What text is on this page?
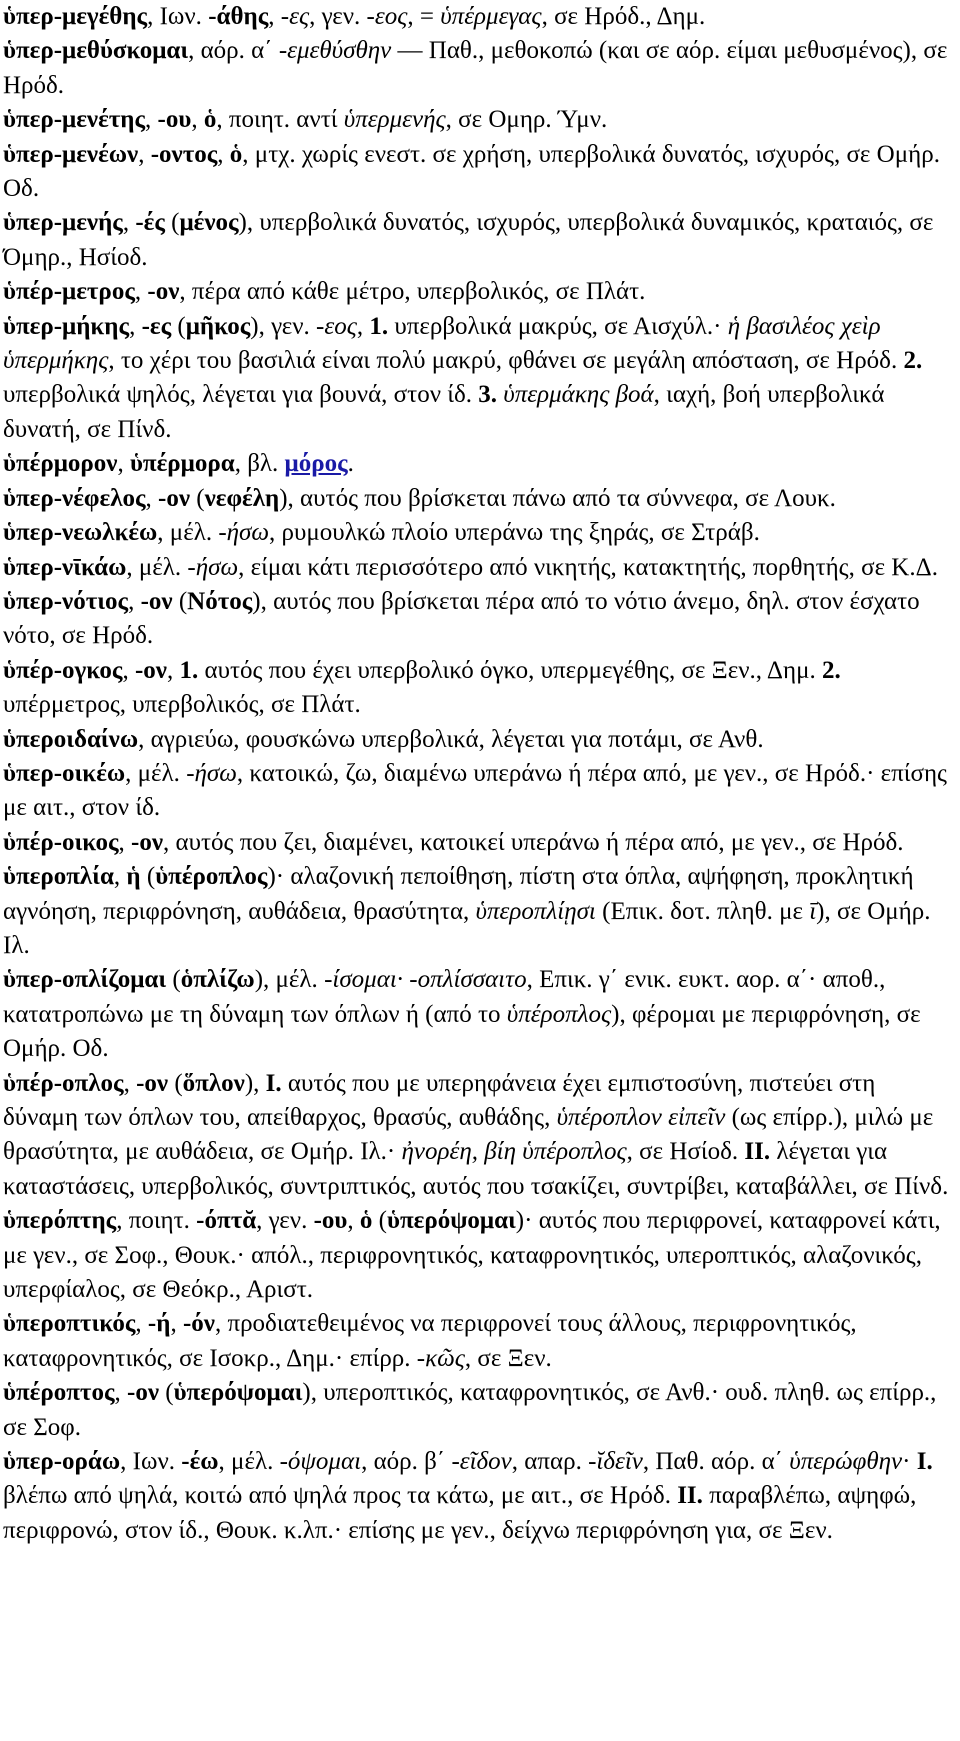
ὑπερ-μεγέθης, Ιων. -άθης, -ες, γεν. -εος, = ὑπέρμεγας, σε Ηρόδ., Δημ.
ὑπερ-μεθύσκομαι, αόρ. α΄ -εμεθύσθην — Παθ., μεθοκοπώ (και σε αόρ. είμαι μεθυσμένος), σε Ηρόδ.
ὑπερ-μενέτης, -ου, ὁ, ποιητ. αντί ὑπερμενής, σε Ομηρ. Ύμν.
ὑπερ-μενέων, -οντος, ὁ, μτχ. χωρίς ενεστ. σε χρήση, υπερβολικά δυνατός, ισχυρός, σε Ομήρ. Οδ.
ὑπερ-μενής, -ές (μένος), υπερβολικά δυνατός, ισχυρός, υπερβολικά δυναμικός, κραταιός, σε Όμηρ., Ησίοδ.
ὑπέρ-μετρος, -ον, πέρα από κάθε μέτρο, υπερβολικός, σε Πλάτ.
ὑπερ-μήκης, -ες (μῆκος), γεν. -εος, 1. υπερβολικά μακρύς, σε Αισχύλ.· ἡ βασιλέος χεὶρ ὑπερμήκης, το χέρι του βασιλιά είναι πολύ μακρύ, φθάνει σε μεγάλη απόσταση, σε Ηρόδ. 2. υπερβολικά ψηλός, λέγεται για βουνά, στον ίδ. 3. ὑπερμάκης βοά, ιαχή, βοή υπερβολικά δυνατή, σε Πίνδ.
ὑπέρμορον, ὑπέρμορα, βλ. μόρος.
ὑπερ-νέφελος, -ον (νεφέλη), αυτός που βρίσκεται πάνω από τα σύννεφα, σε Λουκ.
ὑπερ-νεωλκέω, μέλ. -ήσω, ρυμουλκώ πλοίο υπεράνω της ξηράς, σε Στράβ.
ὑπερ-νῑκάω, μέλ. -ήσω, είμαι κάτι περισσότερο από νικητής, κατακτητής, πορθητής, σε Κ.Δ.
ὑπερ-νότιος, -ον (Νότος), αυτός που βρίσκεται πέρα από το νότιο άνεμο, δηλ. στον έσχατο νότο, σε Ηρόδ.
ὑπέρ-ογκος, -ον, 1. αυτός που έχει υπερβολικό όγκο, υπερμεγέθης, σε Ξεν., Δημ. 2. υπέρμετρος, υπερβολικός, σε Πλάτ.
ὑπεροιδαίνω, αγριεύω, φουσκώνω υπερβολικά, λέγεται για ποτάμι, σε Ανθ.
ὑπερ-οικέω, μέλ. -ήσω, κατοικώ, ζω, διαμένω υπεράνω ή πέρα από, με γεν., σε Ηρόδ.· επίσης με αιτ., στον ίδ.
ὑπέρ-οικος, -ον, αυτός που ζει, διαμένει, κατοικεί υπεράνω ή πέρα από, με γεν., σε Ηρόδ.
ὑπεροπλία, ἡ (ὑπέροπλος)· αλαζονική πεποίθηση, πίστη στα όπλα, αψήφηση, προκλητική αγνόηση, περιφρόνηση, αυθάδεια, θρασύτητα, ὑπεροπλίῃσι (Επικ. δοτ. πληθ. με ῑ), σε Ομήρ. Ιλ.
ὑπερ-οπλίζομαι (ὁπλίζω), μέλ. -ίσομαι· -οπλίσσαιτο, Επικ. γ΄ ενικ. ευκτ. αορ. α΄· αποθ., κατατροπώνω με τη δύναμη των όπλων ή (από το ὑπέροπλος), φέρομαι με περιφρόνηση, σε Ομήρ. Οδ.
ὑπέρ-οπλος, -ον (ὅπλον), I. αυτός που με υπερηφάνεια έχει εμπιστοσύνη, πιστεύει στη δύναμη των όπλων του, απείθαρχος, θρασύς, αυθάδης, ὑπέροπλον εἰπεῖν (ως επίρρ.), μιλώ με θρασύτητα, με αυθάδεια, σε Ομήρ. Ιλ.· ἠνορέη, βίη ὑπέροπλος, σε Ησίοδ. II. λέγεται για καταστάσεις, υπερβολικός, συντριπτικός, αυτός που τσακίζει, συντρίβει, καταβάλλει, σε Πίνδ.
ὑπερόπτης, ποιητ. -όπτᾰ, γεν. -ου, ὁ (ὑπερόψομαι)· αυτός που περιφρονεί, καταφρονεί κάτι, με γεν., σε Σοφ., Θουκ.· απόλ., περιφρονητικός, καταφρονητικός, υπεροπτικός, αλαζονικός, υπερφίαλος, σε Θεόκρ., Αριστ.
ὑπεροπτικός, -ή, -όν, προδιατεθειμένος να περιφρονεί τους άλλους, περιφρονητικός, καταφρονητικός, σε Ισοκρ., Δημ.· επίρρ. -κῶς, σε Ξεν.
ὑπέροπτος, -ον (ὑπερόψομαι), υπεροπτικός, καταφρονητικός, σε Ανθ.· ουδ. πληθ. ως επίρρ., σε Σοφ.
ὑπερ-οράω, Ιων. -έω, μέλ. -όψομαι, αόρ. β΄ -εῖδον, απαρ. -ῐδεῖν, Παθ. αόρ. α΄ ὑπερώφθην· I. βλέπω από ψηλά, κοιτώ από ψηλά προς τα κάτω, με αιτ., σε Ηρόδ. II. παραβλέπω, αψηφώ, περιφρονώ, στον ίδ., Θουκ. κ.λπ.· επίσης με γεν., δείχνω περιφρόνηση για, σε Ξεν.
